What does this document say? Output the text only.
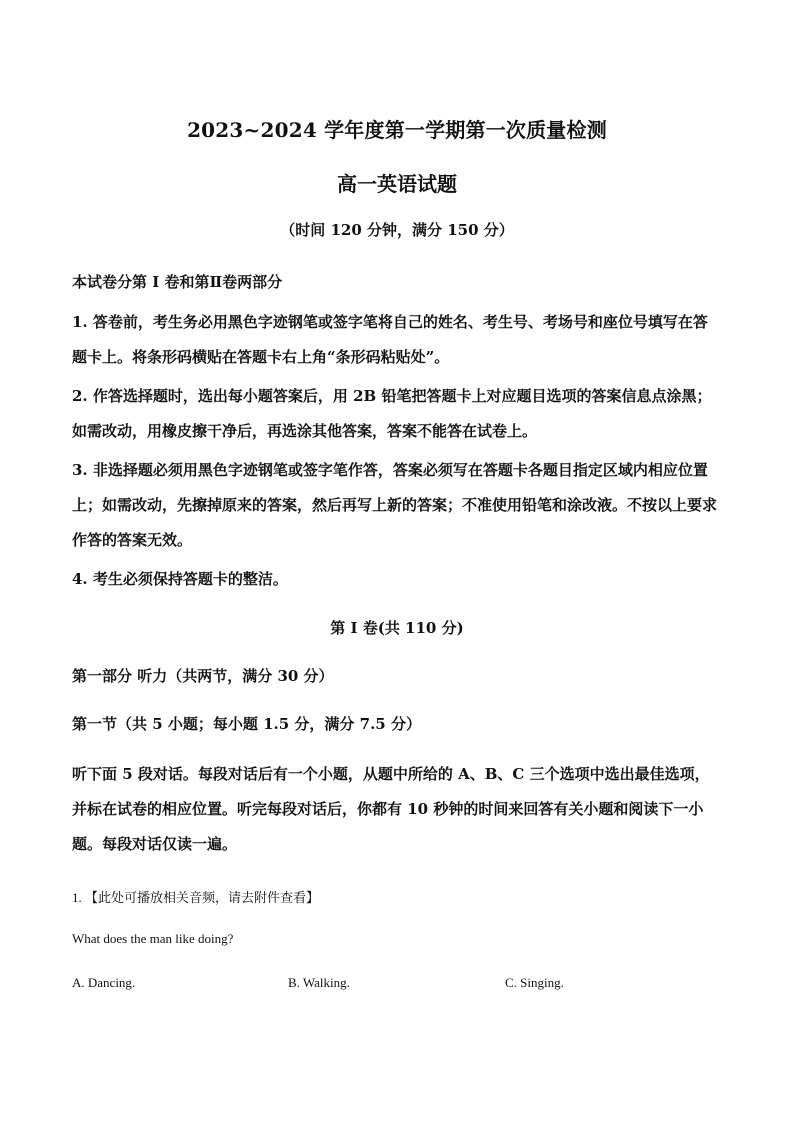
2023~2024 学年度第一学期第一次质量检测
高一英语试题
（时间 120 分钟，满分 150 分）

本试卷分第 I 卷和第Ⅱ卷两部分

1. 答卷前，考生务必用黑色字迹钢笔或签字笔将自己的姓名、考生号、考场号和座位号填写在答题卡上。将条形码横贴在答题卡右上角“条形码粘贴处”。

2. 作答选择题时，选出每小题答案后，用 2B 铅笔把答题卡上对应题目选项的答案信息点涂黑；如需改动，用橡皮擦干净后，再选涂其他答案，答案不能答在试卷上。

3. 非选择题必须用黑色字迹钢笔或签字笔作答，答案必须写在答题卡各题目指定区域内相应位置上；如需改动，先擦掉原来的答案，然后再写上新的答案；不准使用铅笔和涂改液。不按以上要求作答的答案无效。

4. 考生必须保持答题卡的整洁。

第 I 卷(共 110 分)

第一部分 听力（共两节，满分 30 分）

第一节（共 5 小题；每小题 1.5 分，满分 7.5 分）

听下面 5 段对话。每段对话后有一个小题，从题中所给的 A、B、C 三个选项中选出最佳选项，并标在试卷的相应位置。听完每段对话后，你都有 10 秒钟的时间来回答有关小题和阅读下一小题。每段对话仅读一遍。

1. 【此处可播放相关音频，请去附件查看】
What does the man like doing?
A. Dancing.	B. Walking.	C. Singing.
